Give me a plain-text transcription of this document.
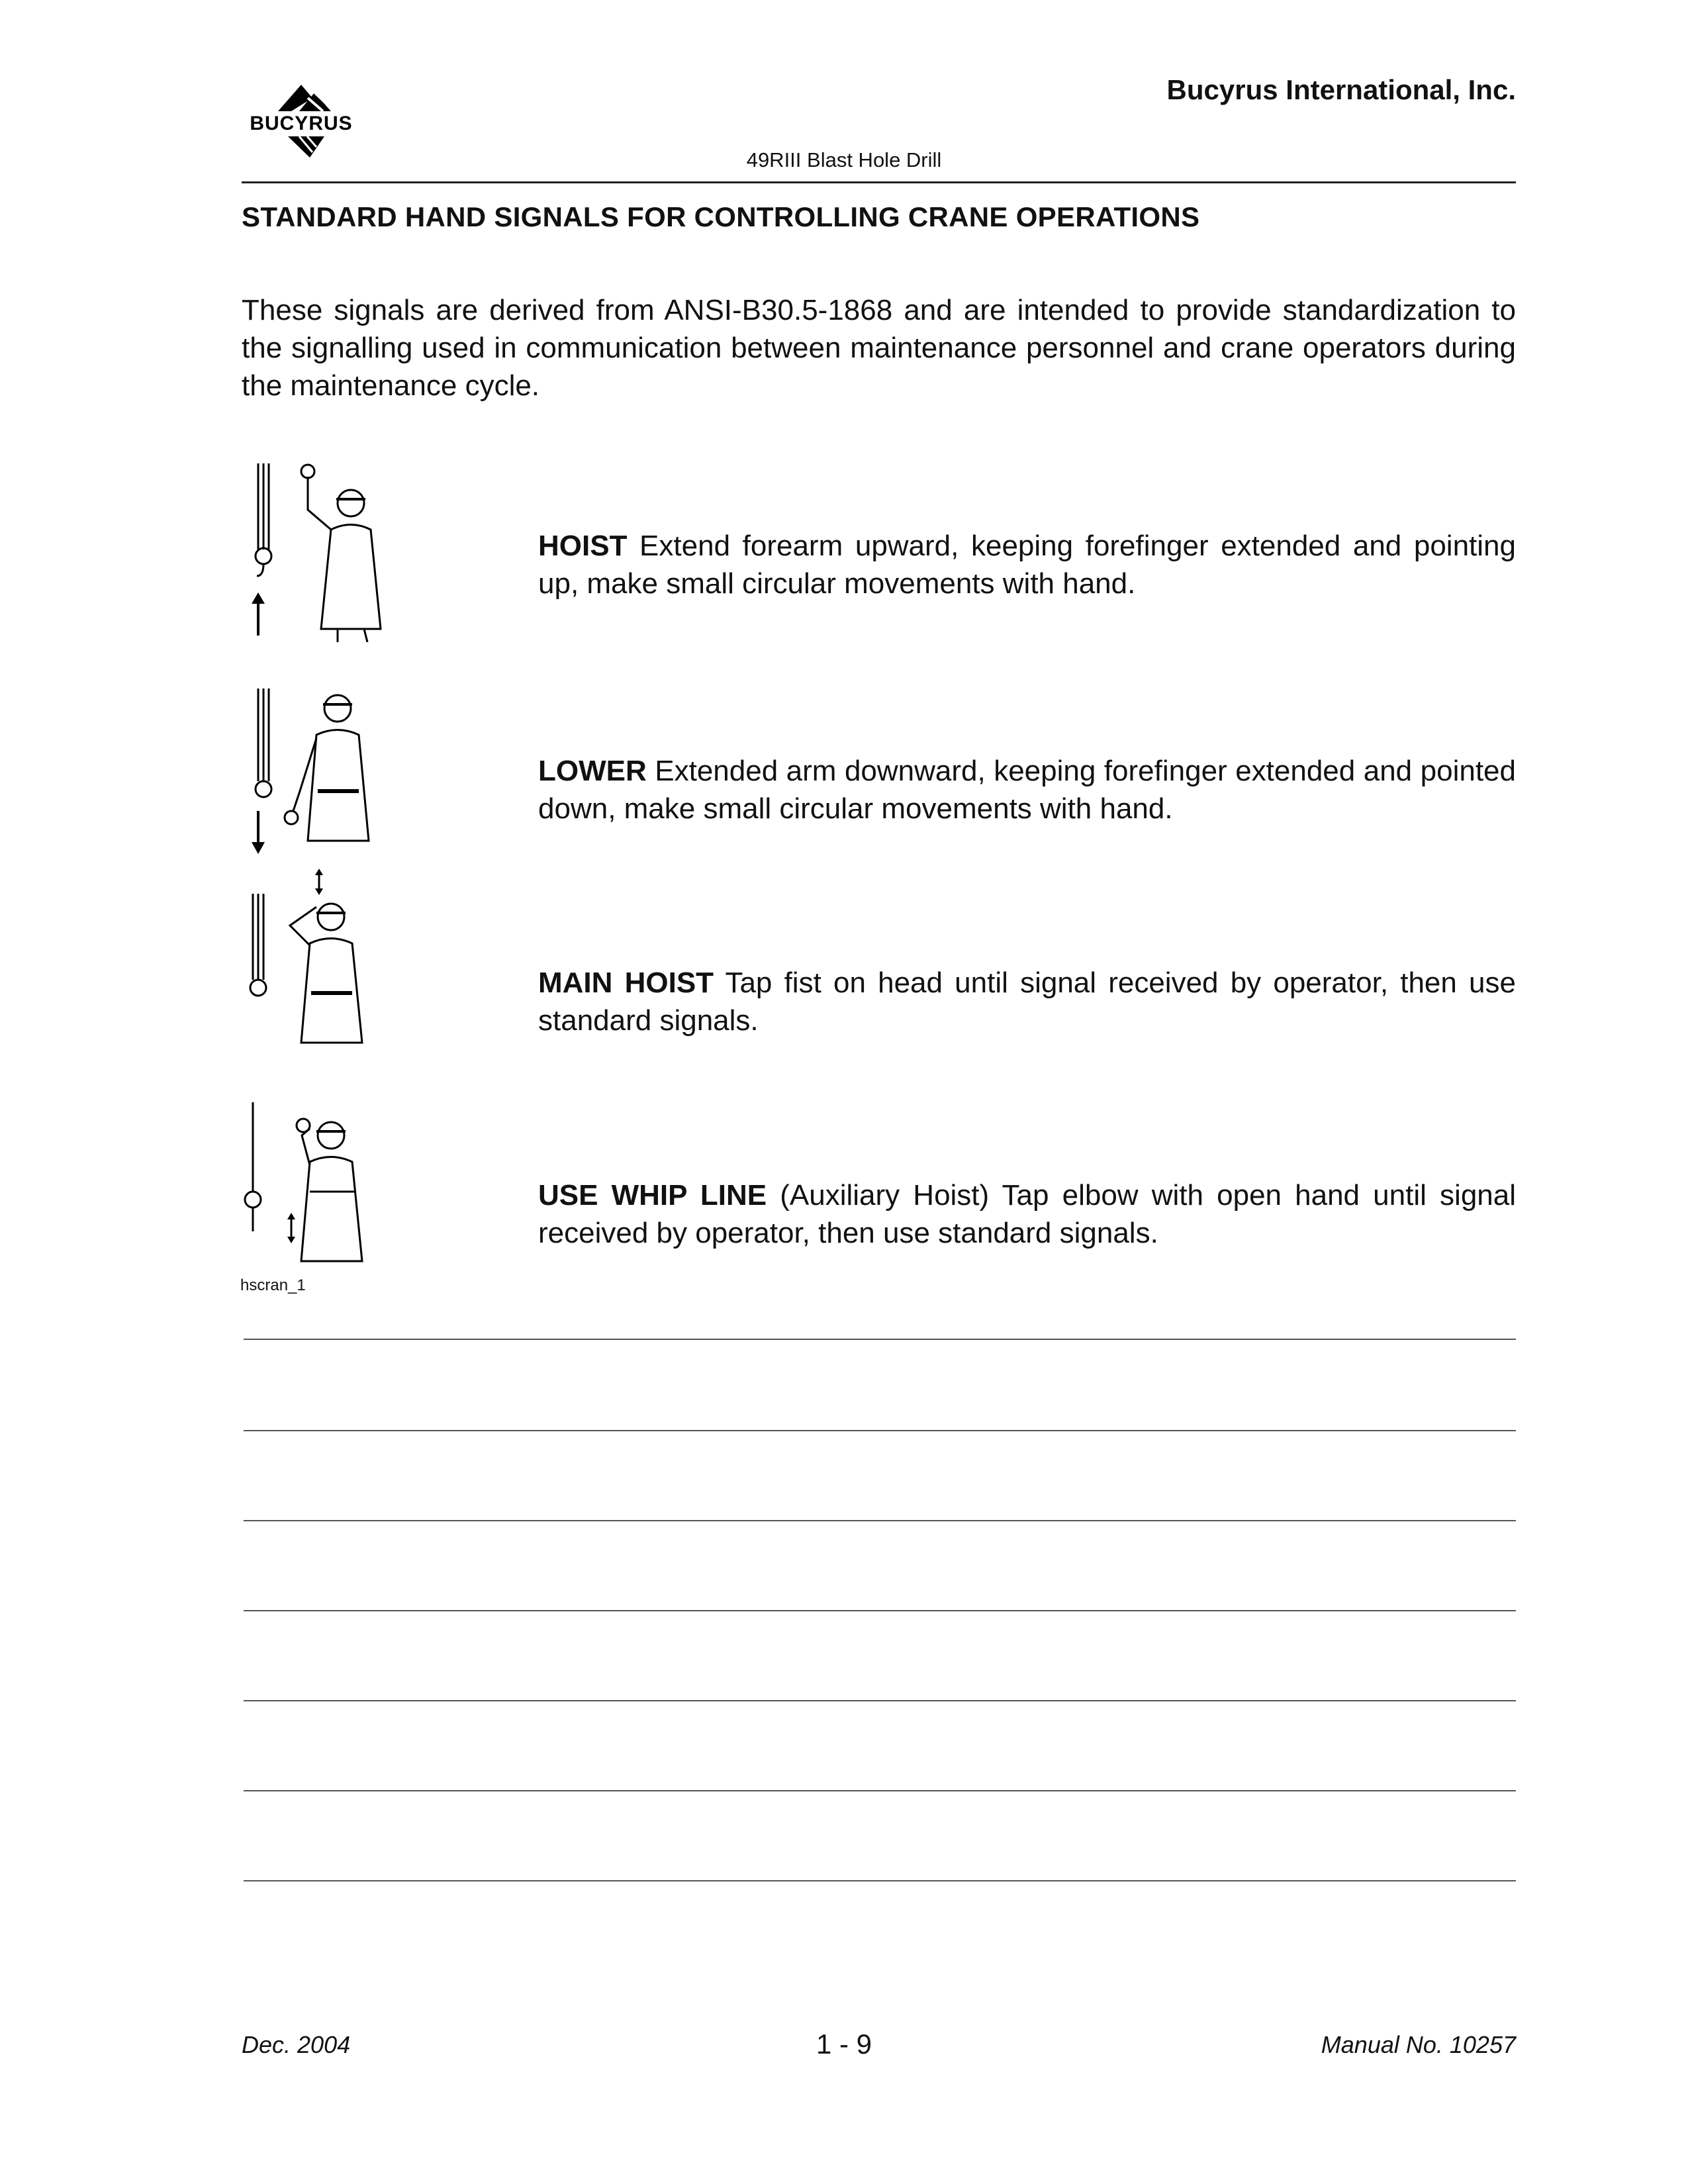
BUCYRUS
Bucyrus International, Inc.
49RIII Blast Hole Drill
STANDARD HAND SIGNALS FOR CONTROLLING CRANE OPERATIONS
These signals are derived from ANSI-B30.5-1868 and are intended to provide standardization to the signalling used in communication between maintenance personnel and crane operators during the maintenance cycle.
hscran_1
HOIST Extend forearm upward, keeping forefinger extended and pointing up, make small circular movements with hand.
LOWER Extended arm downward, keeping forefinger extended and pointed down, make small circular movements with hand.
MAIN HOIST Tap fist on head until signal received by operator, then use standard signals.
USE WHIP LINE (Auxiliary Hoist) Tap elbow with open hand until signal received by operator, then use standard signals.
Dec. 2004	1 - 9	Manual No. 10257
